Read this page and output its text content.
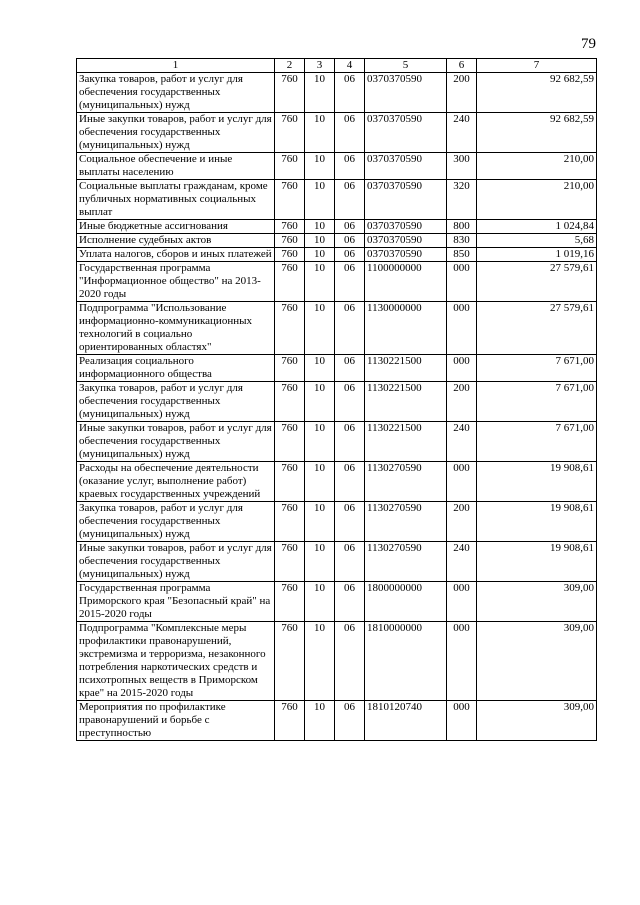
79
1	2	3	4	5	6	7
Закупка товаров, работ и услуг для обеспечения государственных (муниципальных) нужд	760	10	06	0370370590	200	92 682,59
Иные закупки товаров, работ и услуг для обеспечения государственных (муниципальных) нужд	760	10	06	0370370590	240	92 682,59
Социальное обеспечение и иные выплаты населению	760	10	06	0370370590	300	210,00
Социальные выплаты гражданам, кроме публичных нормативных социальных выплат	760	10	06	0370370590	320	210,00
Иные бюджетные ассигнования	760	10	06	0370370590	800	1 024,84
Исполнение судебных актов	760	10	06	0370370590	830	5,68
Уплата налогов, сборов и иных платежей	760	10	06	0370370590	850	1 019,16
Государственная программа "Информационное общество" на 2013-2020 годы	760	10	06	1100000000	000	27 579,61
Подпрограмма "Использование информационно-коммуникационных технологий в социально ориентированных областях"	760	10	06	1130000000	000	27 579,61
Реализация социального информационного общества	760	10	06	1130221500	000	7 671,00
Закупка товаров, работ и услуг для обеспечения государственных (муниципальных) нужд	760	10	06	1130221500	200	7 671,00
Иные закупки товаров, работ и услуг для обеспечения государственных (муниципальных) нужд	760	10	06	1130221500	240	7 671,00
Расходы на обеспечение деятельности (оказание услуг, выполнение работ) краевых государственных учреждений	760	10	06	1130270590	000	19 908,61
Закупка товаров, работ и услуг для обеспечения государственных (муниципальных) нужд	760	10	06	1130270590	200	19 908,61
Иные закупки товаров, работ и услуг для обеспечения государственных (муниципальных) нужд	760	10	06	1130270590	240	19 908,61
Государственная программа Приморского края "Безопасный край" на 2015-2020 годы	760	10	06	1800000000	000	309,00
Подпрограмма "Комплексные меры профилактики правонарушений, экстремизма и терроризма, незаконного потребления наркотических средств и психотропных веществ в Приморском крае" на 2015-2020 годы	760	10	06	1810000000	000	309,00
Мероприятия по профилактике правонарушений и борьбе с преступностью	760	10	06	1810120740	000	309,00
